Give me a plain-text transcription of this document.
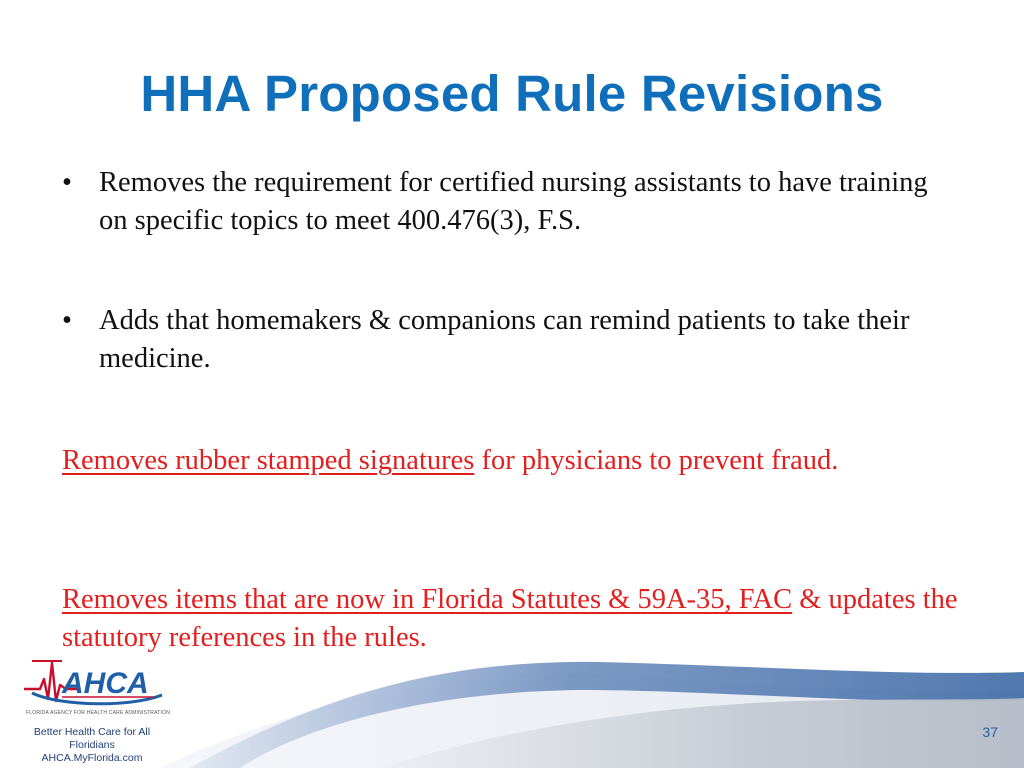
HHA Proposed Rule Revisions
• Removes the requirement for certified nursing assistants to have training on specific topics to meet 400.476(3), F.S.
• Adds that homemakers & companions can remind patients to take their medicine.
Removes rubber stamped signatures for physicians to prevent fraud.
Removes items that are now in Florida Statutes & 59A-35, FAC & updates the statutory references in the rules.
AHCA
FLORIDA AGENCY FOR HEALTH CARE ADMINISTRATION
Better Health Care for All Floridians
AHCA.MyFlorida.com
37
